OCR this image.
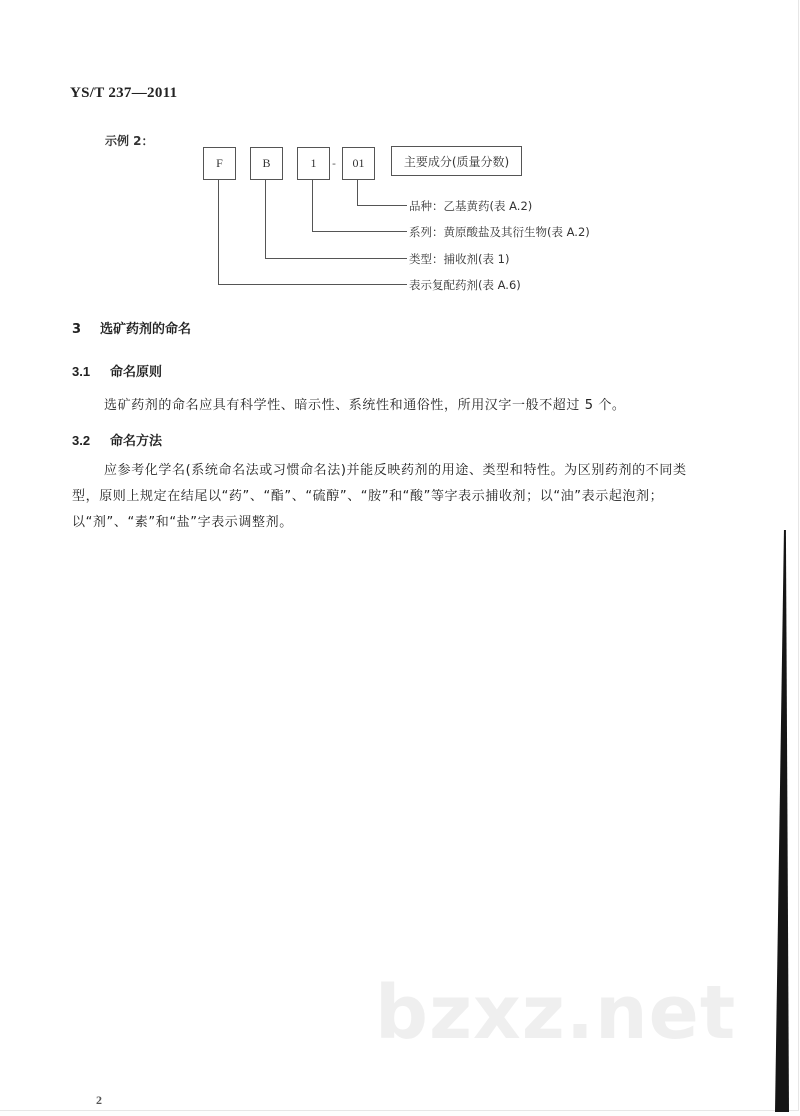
YS/T 237—2011
示例 2：
F	B	1	-	01	主要成分(质量分数)
品种：乙基黄药(表 A.2)
系列：黄原酸盐及其衍生物(表 A.2)
类型：捕收剂(表 1)
表示复配药剂(表 A.6)
3 选矿药剂的命名
3.1 命名原则
选矿药剂的命名应具有科学性、暗示性、系统性和通俗性，所用汉字一般不超过 5 个。
3.2 命名方法
应参考化学名(系统命名法或习惯命名法)并能反映药剂的用途、类型和特性。为区别药剂的不同类型，原则上规定在结尾以“药”、“酯”、“硫醇”、“胺”和“酸”等字表示捕收剂；以“油”表示起泡剂；以“剂”、“素”和“盐”字表示调整剂。
bzxz.net
2
